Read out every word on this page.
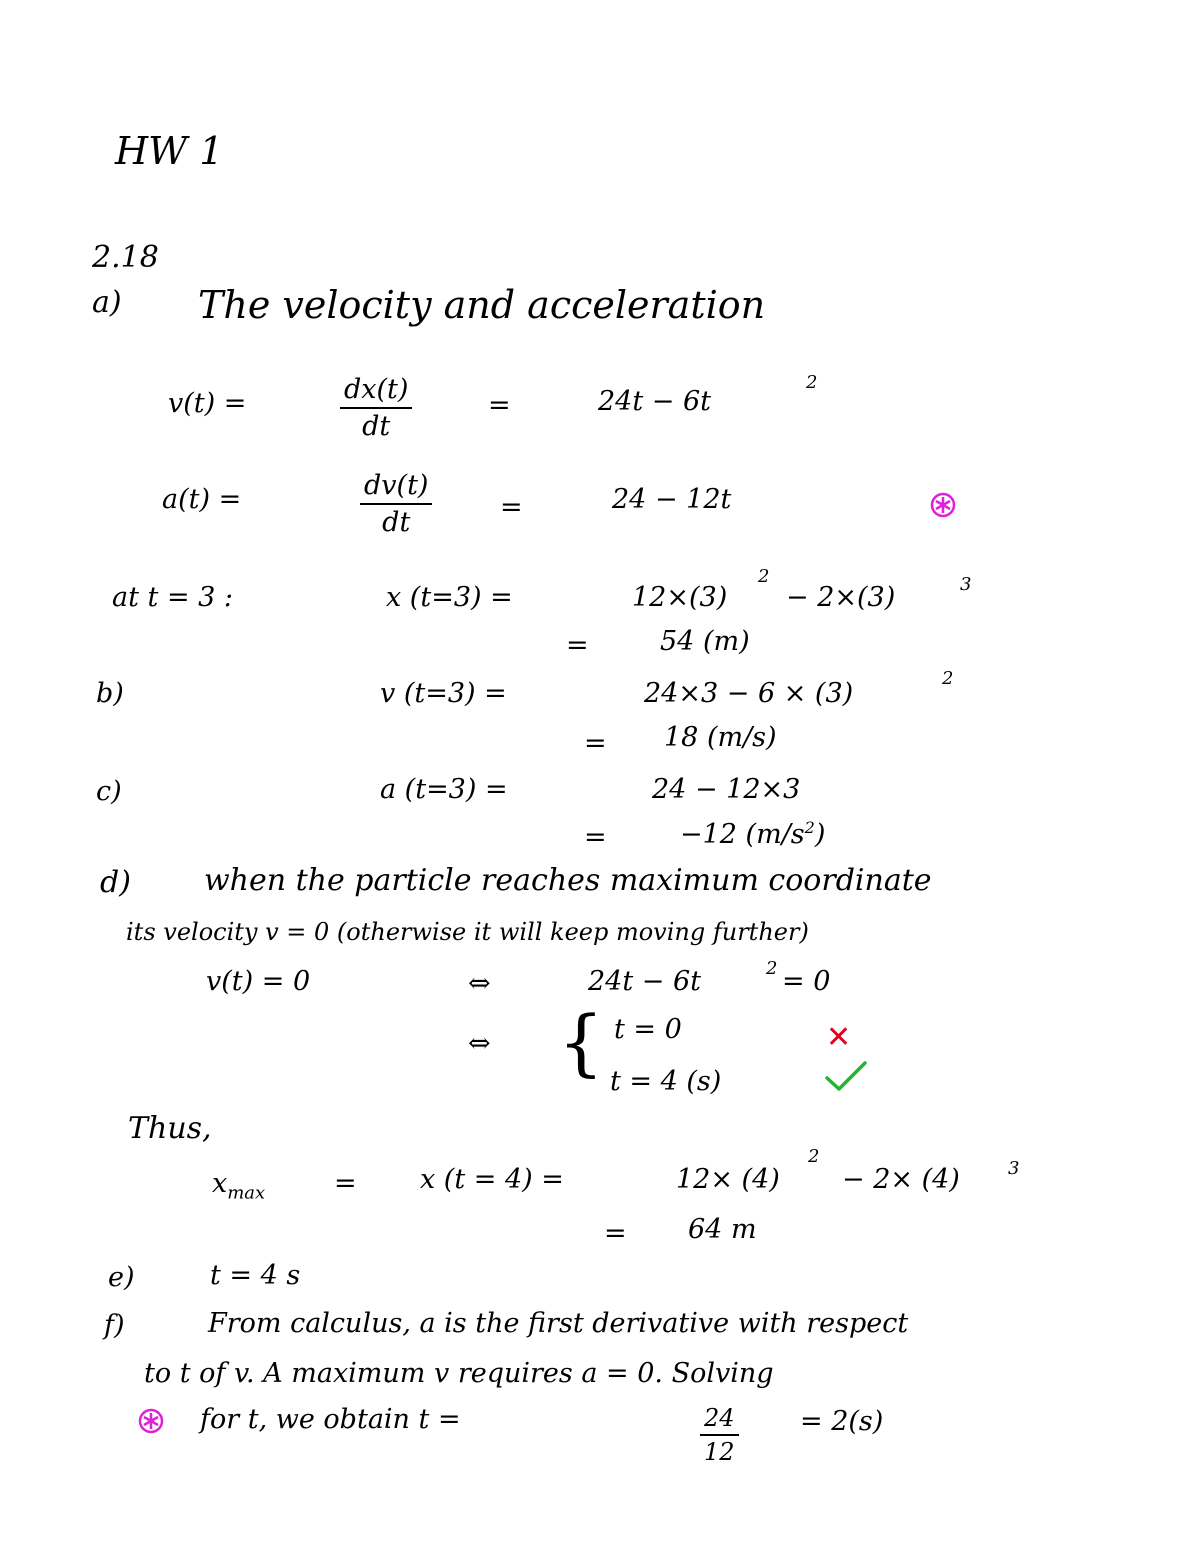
HW 1
2.18
a) The velocity and acceleration
v(t) =	$\frac{dx(t)}{dt}$	=	24t − 6t
2
a(t) =	$\frac{dv(t)}{dt}$	=	24 − 12t
at t = 3 :	x (t=3) =	12×(3)
2
− 2×(3)	3
=	54 (m)
b)	v (t=3) =	24×3 − 6 × (3)	2
= 18 (m/s)
c)	a (t=3) =	24 − 12×3
=	−12 $(m/s^2)$
d) when the particle reaches maximum coordinate
its velocity v = 0 (otherwise it will keep moving further)
v(t) = 0	⇔	24t − 6t	2 = 0
⇔ { t = 0	✕
t = 4 (s)
Thus,
$x_{max}$	= x (t = 4) =	12× (4)
2
− 2× (4)	3
= 64 m
e)	t = 4 s
f)	From calculus, a is the first derivative with respect
to t of v. A maximum v requires a = 0. Solving
for t, we obtain t =	$\frac{24}{12} = 2(s)$
